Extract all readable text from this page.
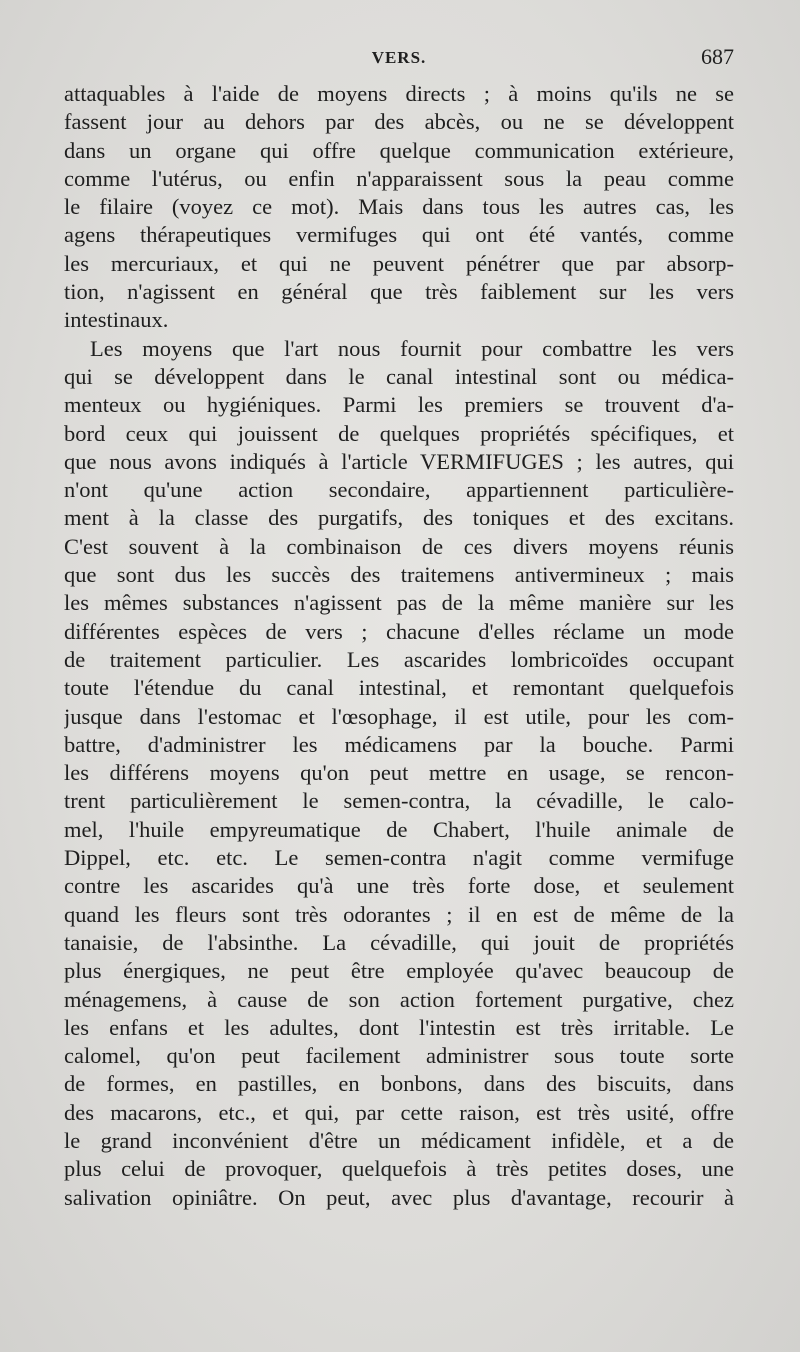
VERS.	687
attaquables à l'aide de moyens directs ; à moins qu'ils ne se
fassent jour au dehors par des abcès, ou ne se développent
dans un organe qui offre quelque communication extérieure,
comme l'utérus, ou enfin n'apparaissent sous la peau comme
le filaire (voyez ce mot). Mais dans tous les autres cas, les
agens thérapeutiques vermifuges qui ont été vantés, comme
les mercuriaux, et qui ne peuvent pénétrer que par absorp-
tion, n'agissent en général que très faiblement sur les vers
intestinaux.
Les moyens que l'art nous fournit pour combattre les vers
qui se développent dans le canal intestinal sont ou médica-
menteux ou hygiéniques. Parmi les premiers se trouvent d'a-
bord ceux qui jouissent de quelques propriétés spécifiques, et
que nous avons indiqués à l'article VERMIFUGES ; les autres, qui
n'ont qu'une action secondaire, appartiennent particulière-
ment à la classe des purgatifs, des toniques et des excitans.
C'est souvent à la combinaison de ces divers moyens réunis
que sont dus les succès des traitemens antivermineux ; mais
les mêmes substances n'agissent pas de la même manière sur les
différentes espèces de vers ; chacune d'elles réclame un mode
de traitement particulier. Les ascarides lombricoïdes occupant
toute l'étendue du canal intestinal, et remontant quelquefois
jusque dans l'estomac et l'œsophage, il est utile, pour les com-
battre, d'administrer les médicamens par la bouche. Parmi
les différens moyens qu'on peut mettre en usage, se rencon-
trent particulièrement le semen-contra, la cévadille, le calo-
mel, l'huile empyreumatique de Chabert, l'huile animale de
Dippel, etc. etc. Le semen-contra n'agit comme vermifuge
contre les ascarides qu'à une très forte dose, et seulement
quand les fleurs sont très odorantes ; il en est de même de la
tanaisie, de l'absinthe. La cévadille, qui jouit de propriétés
plus énergiques, ne peut être employée qu'avec beaucoup de
ménagemens, à cause de son action fortement purgative, chez
les enfans et les adultes, dont l'intestin est très irritable. Le
calomel, qu'on peut facilement administrer sous toute sorte
de formes, en pastilles, en bonbons, dans des biscuits, dans
des macarons, etc., et qui, par cette raison, est très usité, offre
le grand inconvénient d'être un médicament infidèle, et a de
plus celui de provoquer, quelquefois à très petites doses, une
salivation opiniâtre. On peut, avec plus d'avantage, recourir à
